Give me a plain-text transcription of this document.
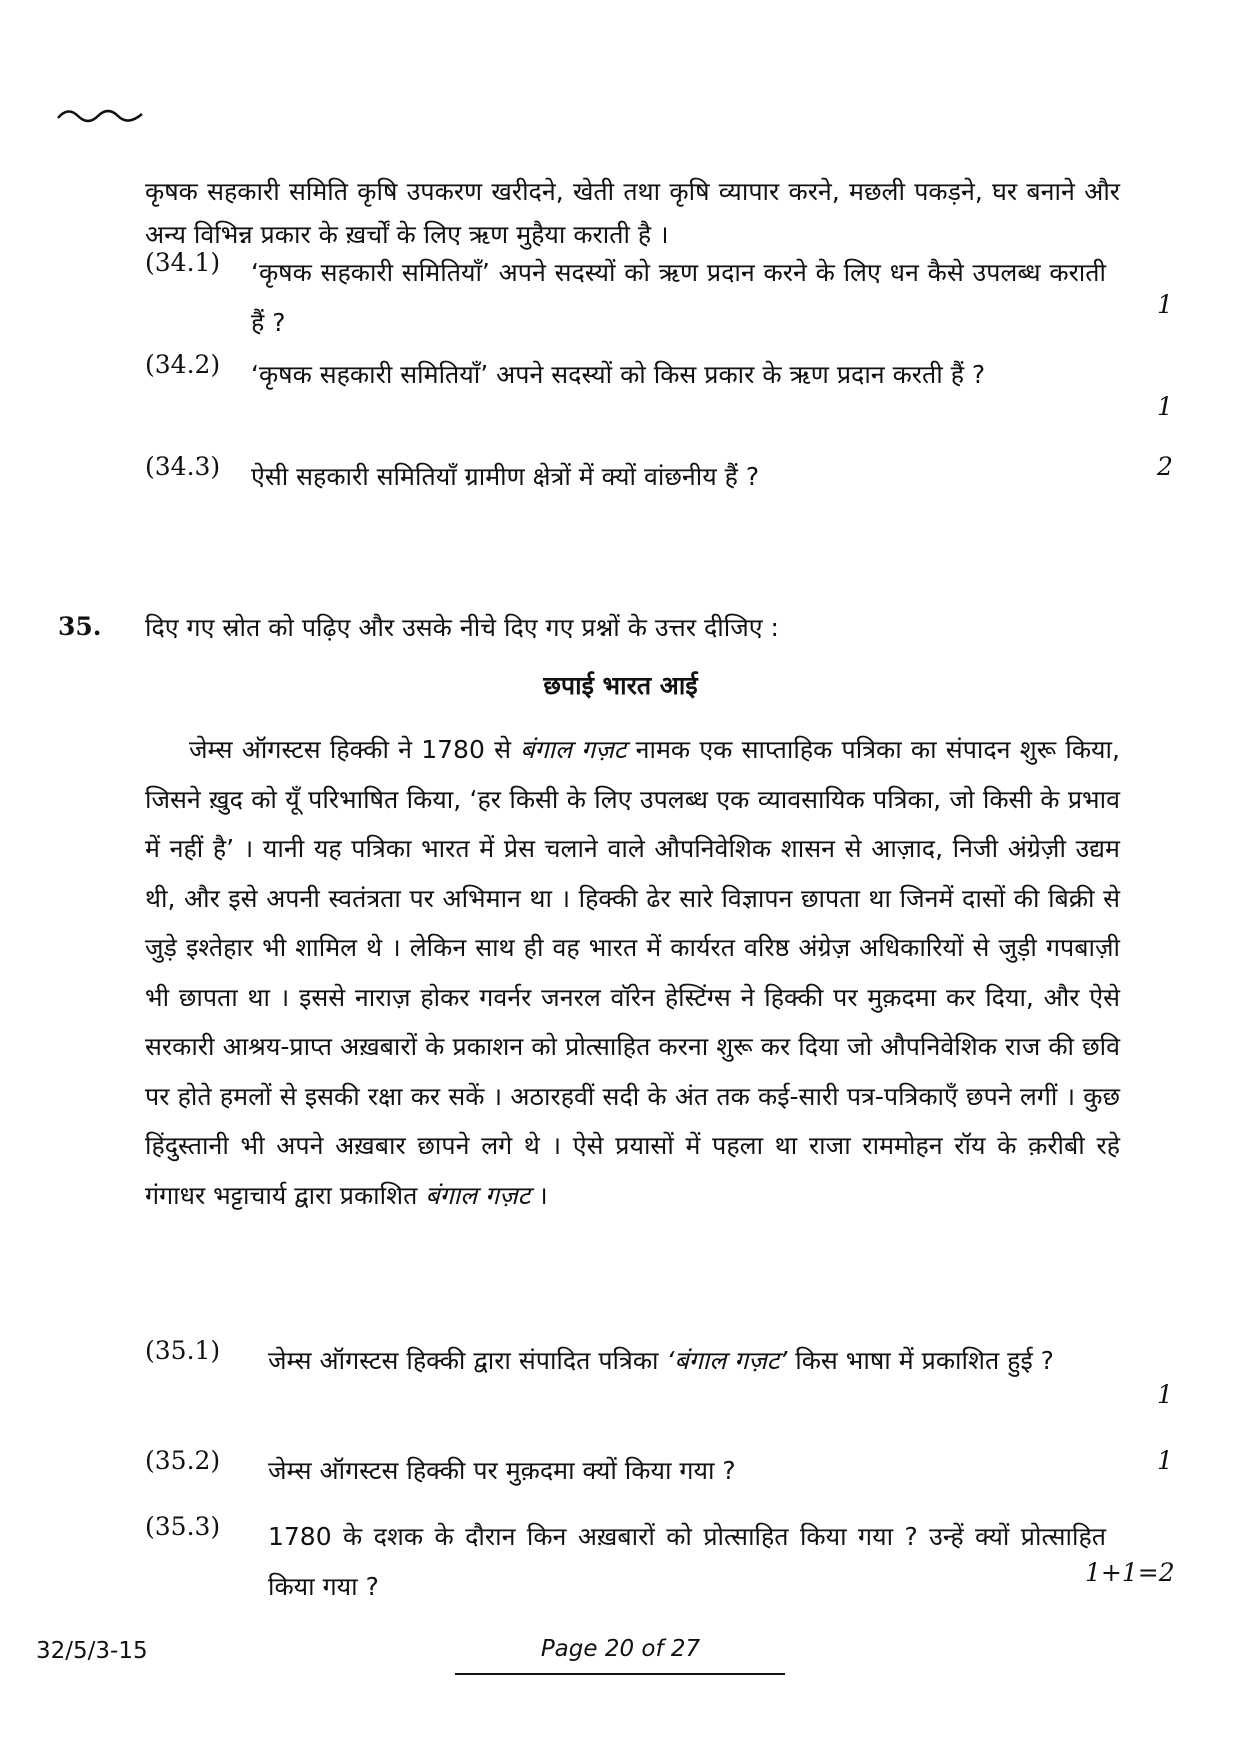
कृषक सहकारी समिति कृषि उपकरण खरीदने, खेती तथा कृषि व्यापार करने, मछली पकड़ने, घर बनाने और अन्य विभिन्न प्रकार के ख़र्चों के लिए ऋण मुहैया कराती है ।
(34.1) ‘कृषक सहकारी समितियाँ’ अपने सदस्यों को ऋण प्रदान करने के लिए धन कैसे उपलब्ध कराती हैं ?
1
(34.2) ‘कृषक सहकारी समितियाँ’ अपने सदस्यों को किस प्रकार के ऋण प्रदान करती हैं ?
1
(34.3) ऐसी सहकारी समितियाँ ग्रामीण क्षेत्रों में क्यों वांछनीय हैं ?	2
35. दिए गए स्रोत को पढ़िए और उसके नीचे दिए गए प्रश्नों के उत्तर दीजिए :
छपाई भारत आई
जेम्स ऑगस्टस हिक्की ने 1780 से बंगाल गज़ट नामक एक साप्ताहिक पत्रिका का संपादन शुरू किया, जिसने ख़ुद को यूँ परिभाषित किया, ‘हर किसी के लिए उपलब्ध एक व्यावसायिक पत्रिका, जो किसी के प्रभाव में नहीं है’ । यानी यह पत्रिका भारत में प्रेस चलाने वाले औपनिवेशिक शासन से आज़ाद, निजी अंग्रेज़ी उद्यम थी, और इसे अपनी स्वतंत्रता पर अभिमान था । हिक्की ढेर सारे विज्ञापन छापता था जिनमें दासों की बिक्री से जुड़े इश्तेहार भी शामिल थे । लेकिन साथ ही वह भारत में कार्यरत वरिष्ठ अंग्रेज़ अधिकारियों से जुड़ी गपबाज़ी भी छापता था । इससे नाराज़ होकर गवर्नर जनरल वॉरेन हेस्टिंग्स ने हिक्की पर मुक़दमा कर दिया, और ऐसे सरकारी आश्रय-प्राप्त अख़बारों के प्रकाशन को प्रोत्साहित करना शुरू कर दिया जो औपनिवेशिक राज की छवि पर होते हमलों से इसकी रक्षा कर सकें । अठारहवीं सदी के अंत तक कई-सारी पत्र-पत्रिकाएँ छपने लगीं । कुछ हिंदुस्तानी भी अपने अख़बार छापने लगे थे । ऐसे प्रयासों में पहला था राजा राममोहन रॉय के क़रीबी रहे गंगाधर भट्टाचार्य द्वारा प्रकाशित बंगाल गज़ट ।
(35.1) जेम्स ऑगस्टस हिक्की द्वारा संपादित पत्रिका ‘बंगाल गज़ट’ किस भाषा में प्रकाशित हुई ?
1
(35.2) जेम्स ऑगस्टस हिक्की पर मुक़दमा क्यों किया गया ?	1
(35.3) 1780 के दशक के दौरान किन अख़बारों को प्रोत्साहित किया गया ? उन्हें क्यों प्रोत्साहित किया गया ?	1+1=2
32/5/3-15	Page 20 of 27
